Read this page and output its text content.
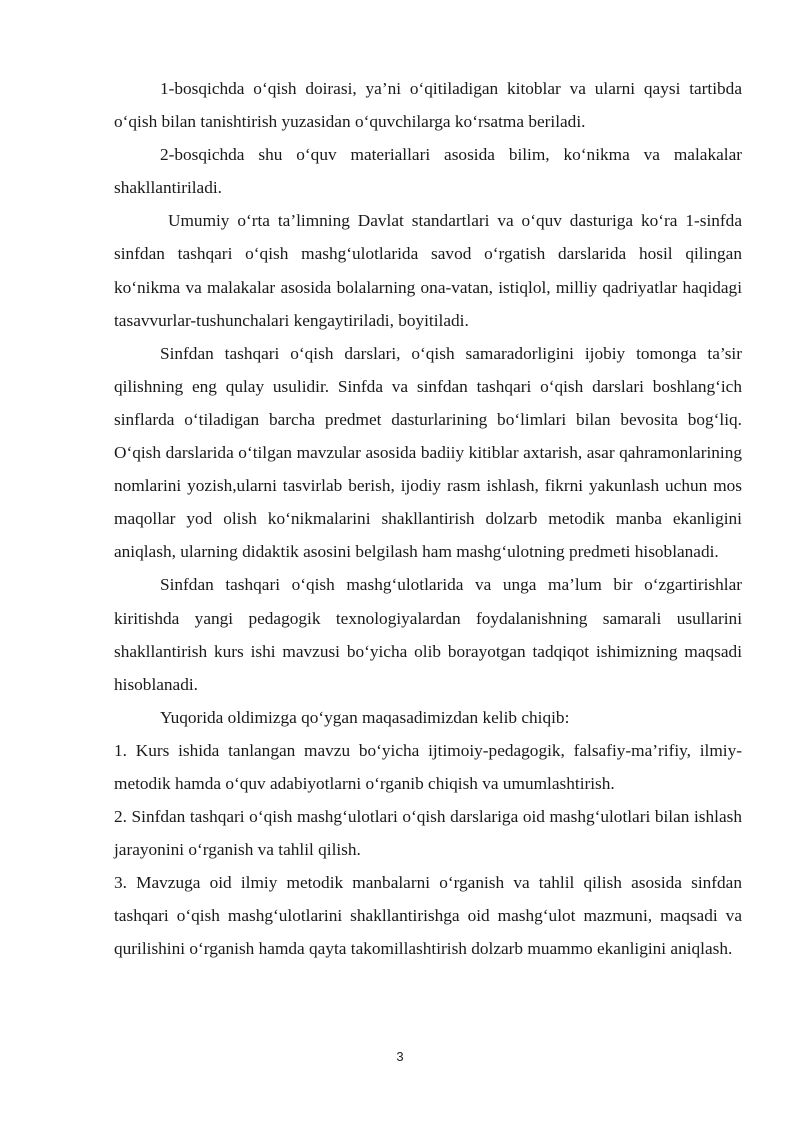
1-bosqichda o‘qish doirasi, ya’ni o‘qitiladigan kitoblar va ularni qaysi tartibda o‘qish bilan tanishtirish yuzasidan o‘quvchilarga ko‘rsatma beriladi.

2-bosqichda shu o‘quv materiallari asosida bilim, ko‘nikma va malakalar shakllantiriladi.

Umumiy o‘rta ta’limning Davlat standartlari va o‘quv dasturiga ko‘ra 1-sinfda sinfdan tashqari o‘qish mashg‘ulotlarida savod o‘rgatish darslarida hosil qilingan ko‘nikma va malakalar asosida bolalarning ona-vatan, istiqlol, milliy qadriyatlar haqidagi tasavvurlar-tushunchalari kengaytiriladi, boyitiladi.

Sinfdan tashqari o‘qish darslari, o‘qish samaradorligini ijobiy tomonga ta’sir qilishning eng qulay usulidir. Sinfda va sinfdan tashqari o‘qish darslari boshlang‘ich sinflarda o‘tiladigan barcha predmet dasturlarining bo‘limlari bilan bevosita bog‘liq. O‘qish darslarida o‘tilgan mavzular asosida badiiy kitiblar axtarish, asar qahramonlarining nomlarini yozish,ularni tasvirlab berish, ijodiy rasm ishlash, fikrni yakunlash uchun mos maqollar yod olish ko‘nikmalarini shakllantirish dolzarb metodik manba ekanligini aniqlash, ularning didaktik asosini belgilash ham mashg‘ulotning predmeti hisoblanadi.

Sinfdan tashqari o‘qish mashg‘ulotlarida va unga ma’lum bir o‘zgartirishlar kiritishda yangi pedagogik texnologiyalardan foydalanishning samarali usullarini shakllantirish kurs ishi mavzusi bo‘yicha olib borayotgan tadqiqot ishimizning maqsadi hisoblanadi.

Yuqorida oldimizga qo‘ygan maqasadimizdan kelib chiqib:

1. Kurs ishida tanlangan mavzu bo‘yicha ijtimoiy-pedagogik, falsafiy-ma’rifiy, ilmiy-metodik hamda o‘quv adabiyotlarni o‘rganib chiqish va umumlashtirish.

2. Sinfdan tashqari o‘qish mashg‘ulotlari o‘qish darslariga oid mashg‘ulotlari bilan ishlash jarayonini o‘rganish va tahlil qilish.

3. Mavzuga oid ilmiy metodik manbalarni o‘rganish va tahlil qilish asosida sinfdan tashqari o‘qish mashg‘ulotlarini shakllantirishga oid mashg‘ulot mazmuni, maqsadi va qurilishini o‘rganish hamda qayta takomillashtirish dolzarb muammo ekanligini aniqlash.

3
